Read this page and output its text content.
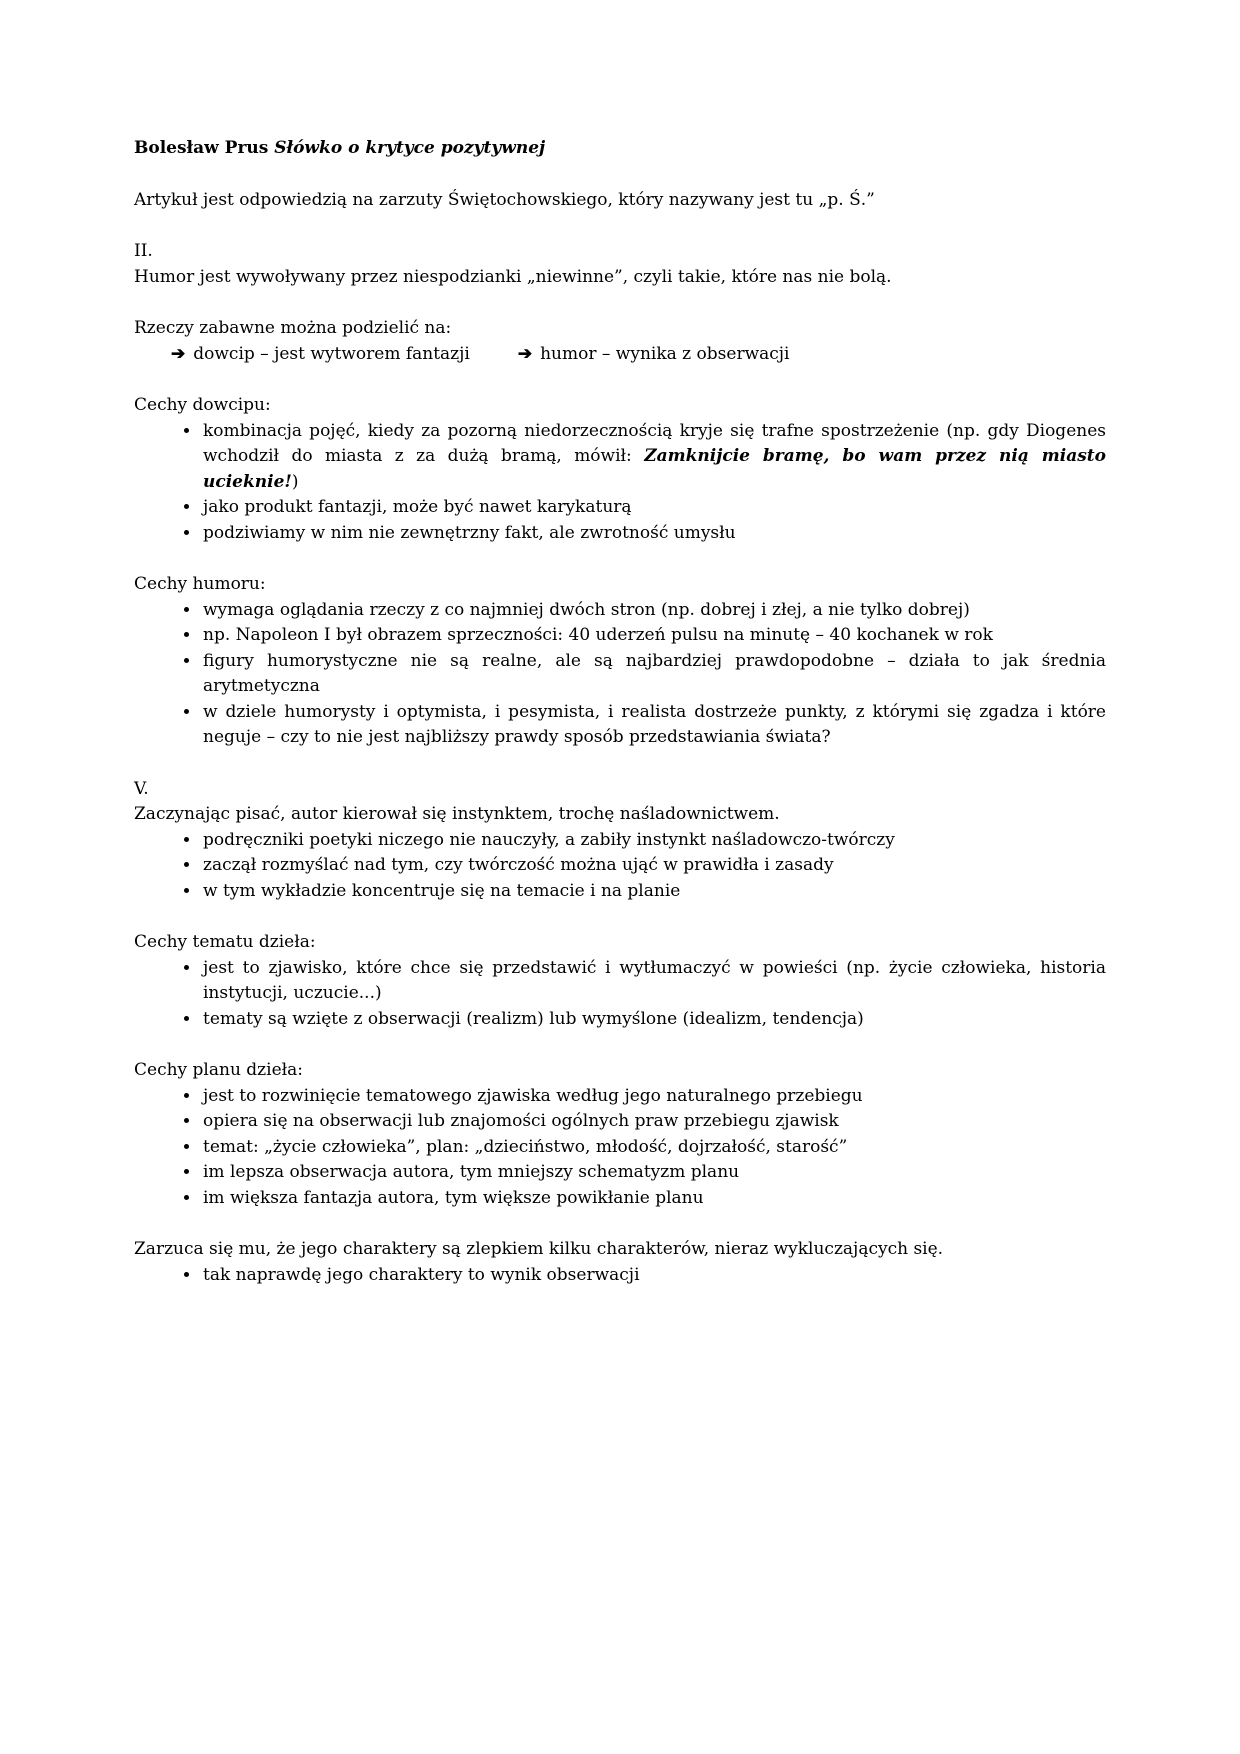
Bolesław Prus Słówko o krytyce pozytywnej

Artykuł jest odpowiedzią na zarzuty Świętochowskiego, który nazywany jest tu „p. Ś.”

II.

Humor jest wywoływany przez niespodzianki „niewinne”, czyli takie, które nas nie bolą.

Rzeczy zabawne można podzielić na:

➔ dowcip – jest wytworem fantazji	➔ humor – wynika z obserwacji

Cechy dowcipu:

• kombinacja pojęć, kiedy za pozorną niedorzecznością kryje się trafne spostrzeżenie (np. gdy Diogenes wchodził do miasta z za dużą bramą, mówił: Zamknijcie bramę, bo wam przez nią miasto ucieknie!)
• jako produkt fantazji, może być nawet karykaturą
• podziwiamy w nim nie zewnętrzny fakt, ale zwrotność umysłu

Cechy humoru:

• wymaga oglądania rzeczy z co najmniej dwóch stron (np. dobrej i złej, a nie tylko dobrej)
• np. Napoleon I był obrazem sprzeczności: 40 uderzeń pulsu na minutę – 40 kochanek w rok
• figury humorystyczne nie są realne, ale są najbardziej prawdopodobne – działa to jak średnia arytmetyczna
• w dziele humorysty i optymista, i pesymista, i realista dostrzeże punkty, z którymi się zgadza i które neguje – czy to nie jest najbliższy prawdy sposób przedstawiania świata?

V.

Zaczynając pisać, autor kierował się instynktem, trochę naśladownictwem.

• podręczniki poetyki niczego nie nauczyły, a zabiły instynkt naśladowczo-twórczy
• zaczął rozmyślać nad tym, czy twórczość można ująć w prawidła i zasady
• w tym wykładzie koncentruje się na temacie i na planie

Cechy tematu dzieła:

• jest to zjawisko, które chce się przedstawić i wytłumaczyć w powieści (np. życie człowieka, historia instytucji, uczucie...)
• tematy są wzięte z obserwacji (realizm) lub wymyślone (idealizm, tendencja)

Cechy planu dzieła:

• jest to rozwinięcie tematowego zjawiska według jego naturalnego przebiegu
• opiera się na obserwacji lub znajomości ogólnych praw przebiegu zjawisk
• temat: „życie człowieka”, plan: „dzieciństwo, młodość, dojrzałość, starość”
• im lepsza obserwacja autora, tym mniejszy schematyzm planu
• im większa fantazja autora, tym większe powikłanie planu

Zarzuca się mu, że jego charaktery są zlepkiem kilku charakterów, nieraz wykluczających się.

• tak naprawdę jego charaktery to wynik obserwacji
